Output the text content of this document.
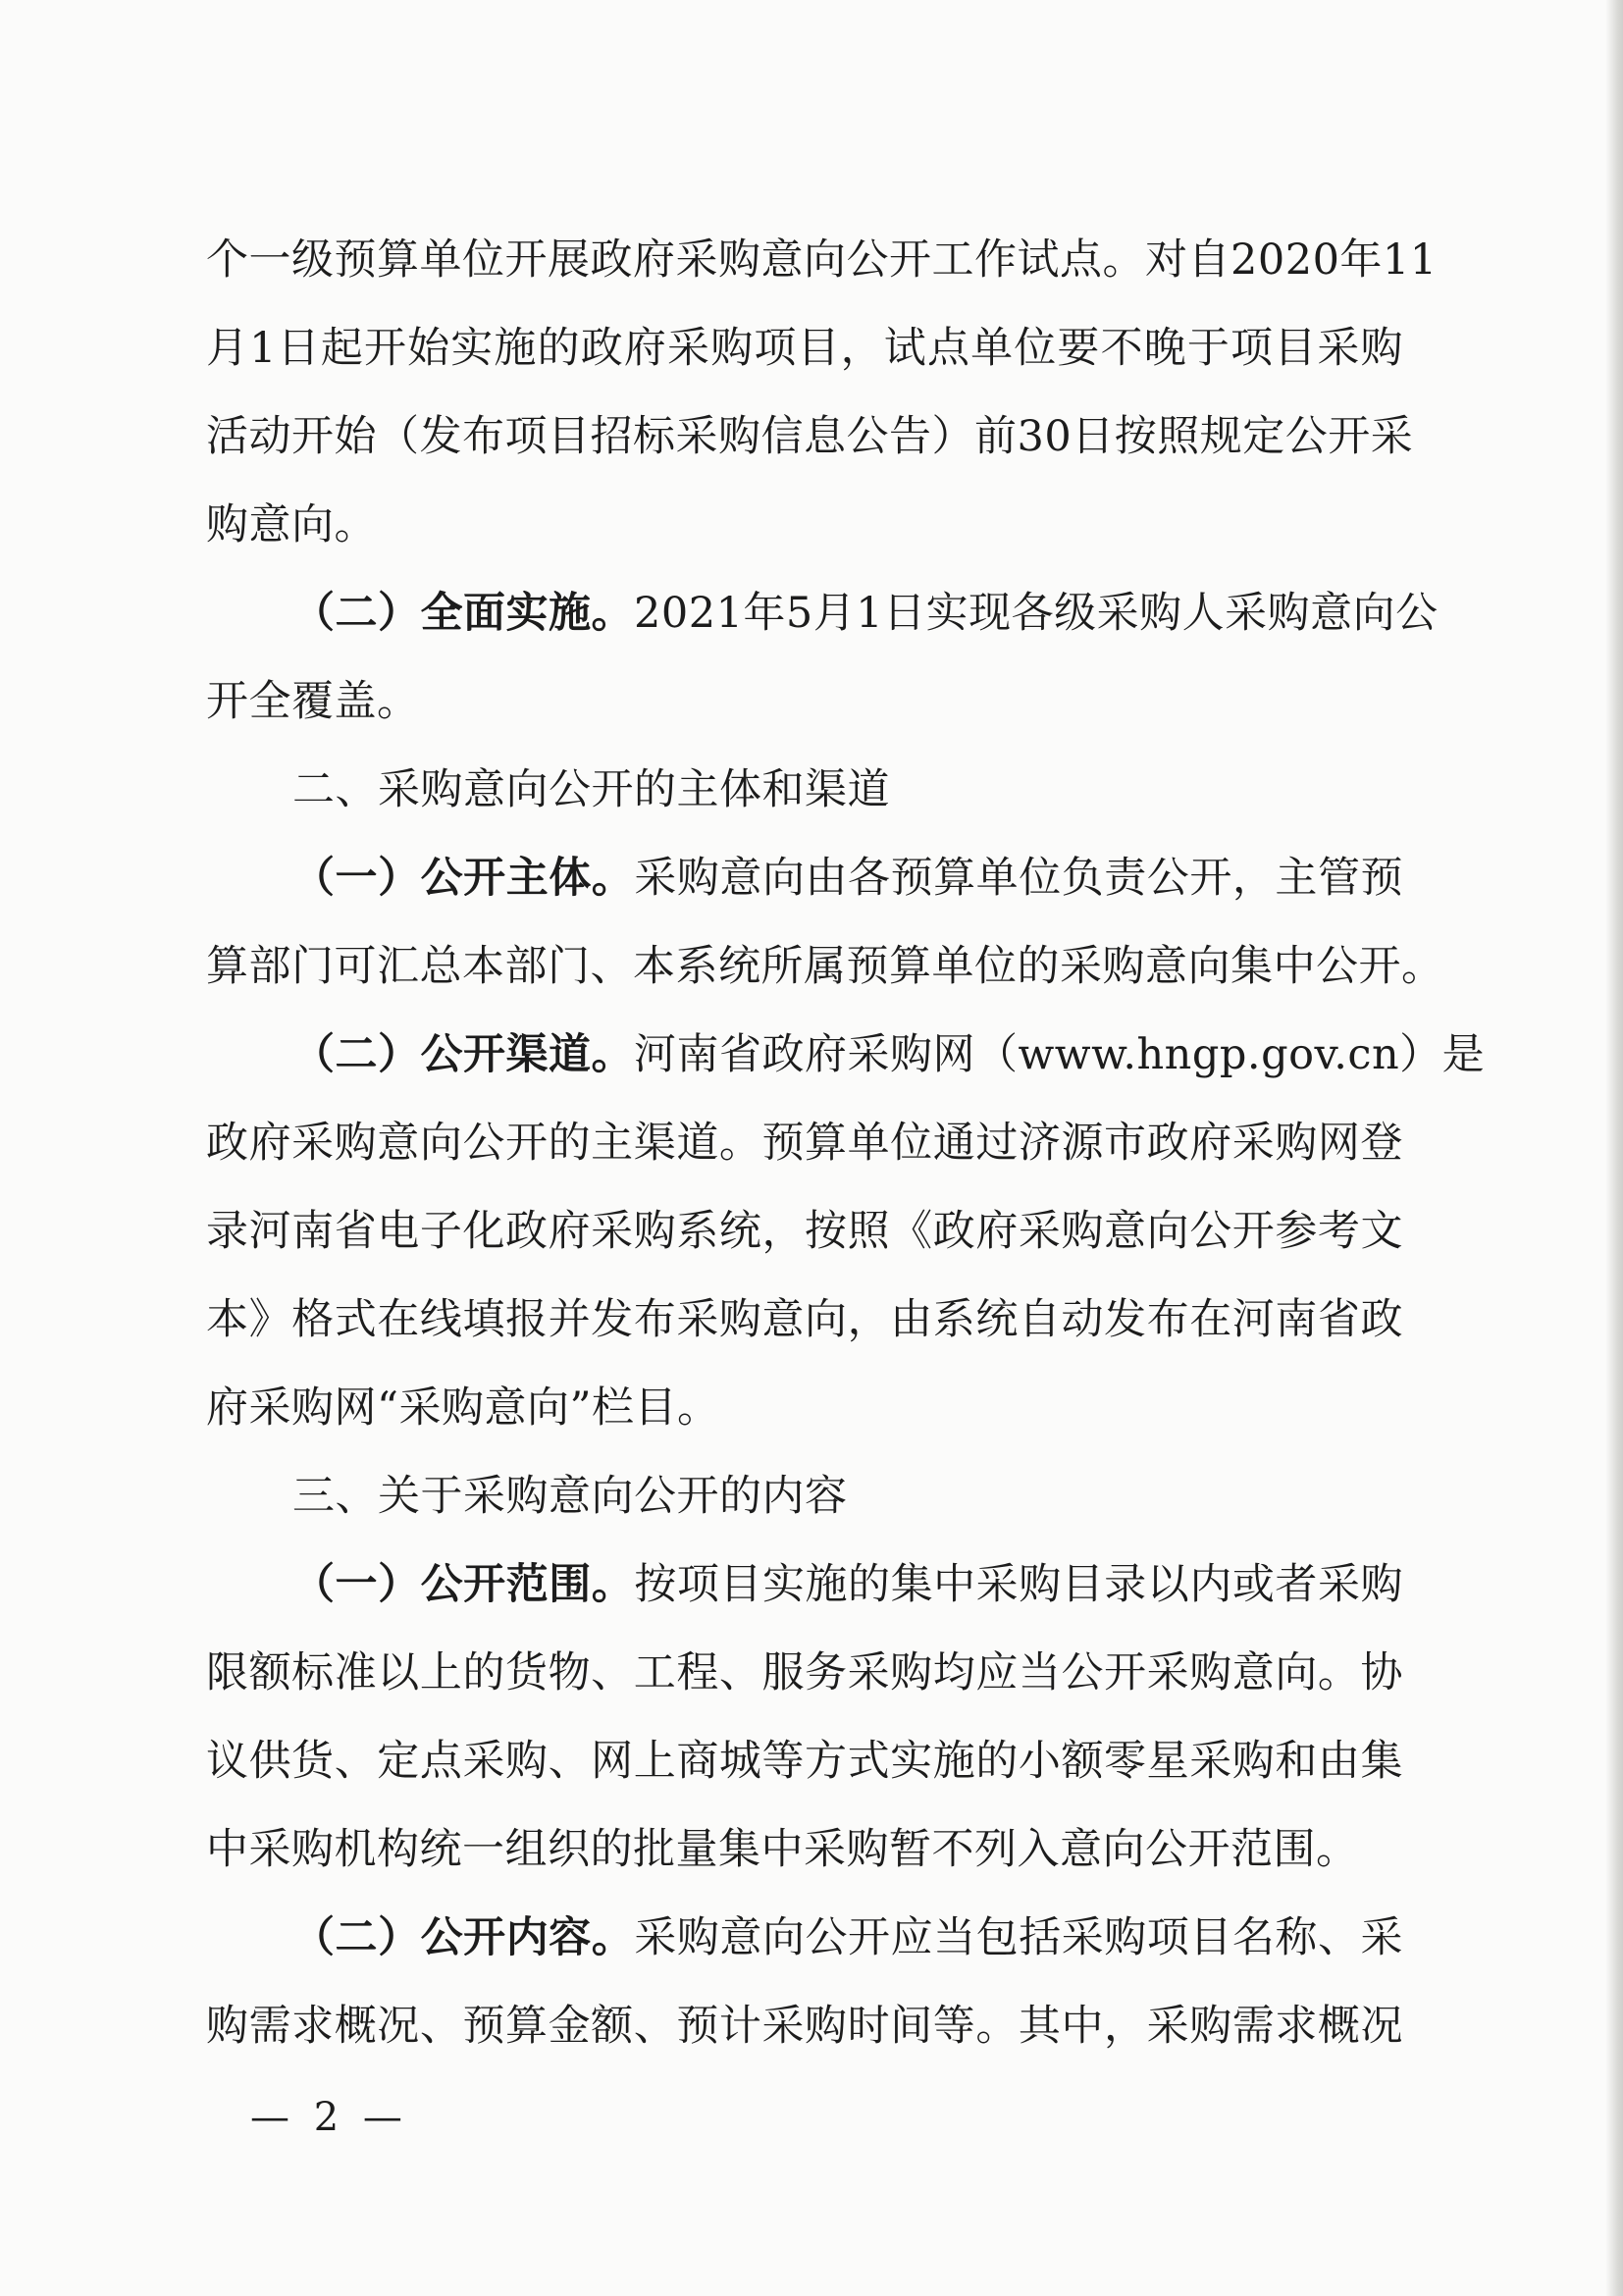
个一级预算单位开展政府采购意向公开工作试点。对自2020年11
月1日起开始实施的政府采购项目，试点单位要不晚于项目采购
活动开始（发布项目招标采购信息公告）前30日按照规定公开采
购意向。
（二）全面实施。2021年5月1日实现各级采购人采购意向公
开全覆盖。
二、采购意向公开的主体和渠道
（一）公开主体。采购意向由各预算单位负责公开，主管预
算部门可汇总本部门、本系统所属预算单位的采购意向集中公开。
（二）公开渠道。河南省政府采购网（www.hngp.gov.cn）是
政府采购意向公开的主渠道。预算单位通过济源市政府采购网登
录河南省电子化政府采购系统，按照《政府采购意向公开参考文
本》格式在线填报并发布采购意向，由系统自动发布在河南省政
府采购网“采购意向”栏目。
三、关于采购意向公开的内容
（一）公开范围。按项目实施的集中采购目录以内或者采购
限额标准以上的货物、工程、服务采购均应当公开采购意向。协
议供货、定点采购、网上商城等方式实施的小额零星采购和由集
中采购机构统一组织的批量集中采购暂不列入意向公开范围。
（二）公开内容。采购意向公开应当包括采购项目名称、采
购需求概况、预算金额、预计采购时间等。其中，采购需求概况
— 2 —
